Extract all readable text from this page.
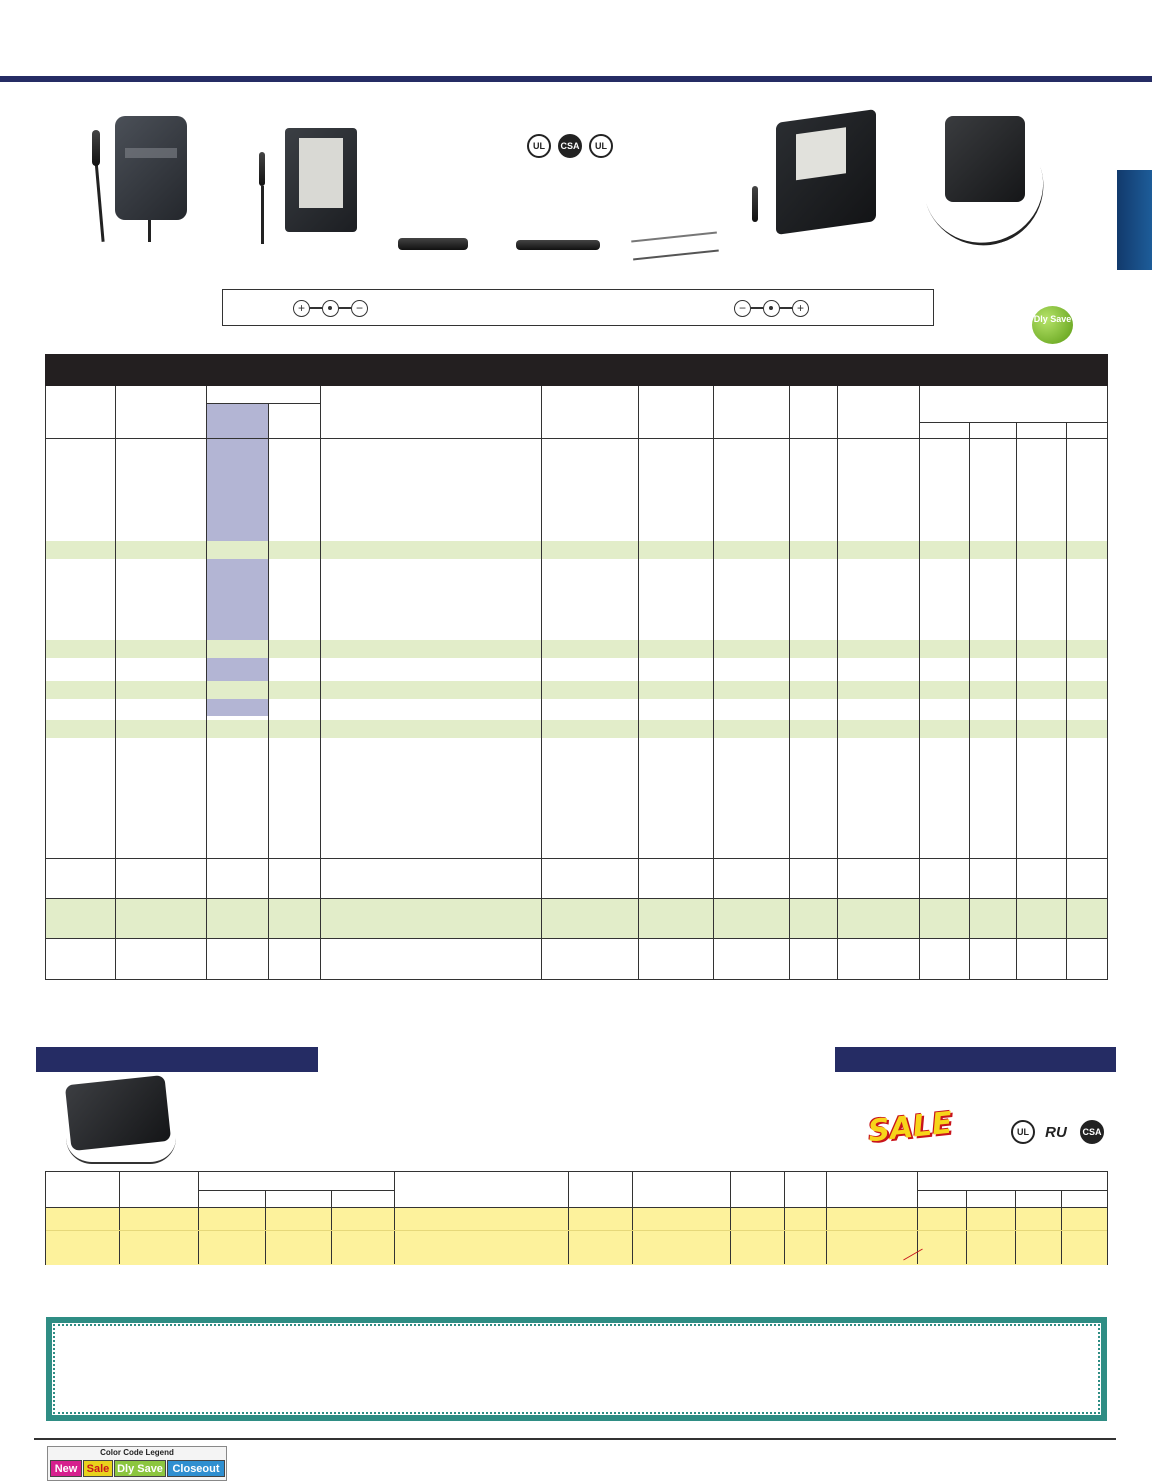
UL	CSA	UL
+	−	−	+
Dly Save
SALE	UL	RU CSA
Color Code Legend
New Sale Dly Save Closeout
